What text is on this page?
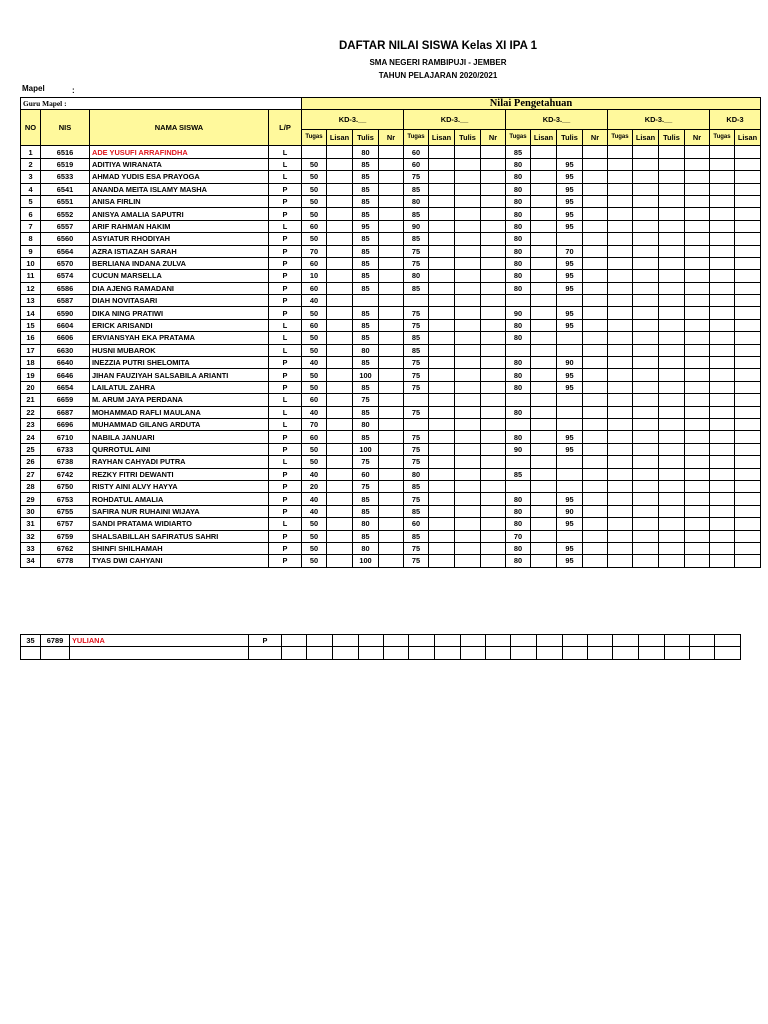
DAFTAR NILAI SISWA Kelas XI IPA 1
SMA NEGERI RAMBIPUJI - JEMBER
TAHUN PELAJARAN 2020/2021
Mapel	:
Guru Mapel :				Nilai Pengetahuan																	
NO	NIS	NAMA SISWA	L/P	KD-3.__				KD-3.__				KD-3.__				KD-3.__				KD-3	
				Tugas	Lisan	Tulis	Nr	Tugas	Lisan	Tulis	Nr	Tugas	Lisan	Tulis	Nr	Tugas	Lisan	Tulis	Nr	Tugas	Lisan
1	6516	ADE YUSUFI ARRAFINDHA	L			80		60				85									
2	6519	ADITIYA WIRANATA	L	50		85		60				80		95							
3	6533	AHMAD YUDIS ESA PRAYOGA	L	50		85		75				80		95							
4	6541	ANANDA MEITA ISLAMY MASHA	P	50		85		85				80		95							
5	6551	ANISA FIRLIN	P	50		85		80				80		95							
6	6552	ANISYA AMALIA SAPUTRI	P	50		85		85				80		95							
7	6557	ARIF RAHMAN HAKIM	L	60		95		90				80		95							
8	6560	ASYIATUR RHODIYAH	P	50		85		85				80									
9	6564	AZRA ISTIAZAH SARAH	P	70		85		75				80		70							
10	6570	BERLIANA INDANA ZULVA	P	60		85		75				80		95							
11	6574	CUCUN MARSELLA	P	10		85		80				80		95							
12	6586	DIA AJENG RAMADANI	P	60		85		85				80		95							
13	6587	DIAH NOVITASARI	P	40																	
14	6590	DIKA NING PRATIWI	P	50		85		75				90		95							
15	6604	ERICK ARISANDI	L	60		85		75				80		95							
16	6606	ERVIANSYAH EKA PRATAMA	L	50		85		85				80									
17	6630	HUSNI MUBAROK	L	50		80		85													
18	6640	INEZZIA PUTRI SHELOMITA	P	40		85		75				80		90							
19	6646	JIHAN FAUZIYAH SALSABILA ARIANTI	P	50		100		75				80		95							
20	6654	LAILATUL ZAHRA	P	50		85		75				80		95							
21	6659	M. ARUM JAYA PERDANA	L	60		75															
22	6687	MOHAMMAD RAFLI MAULANA	L	40		85		75				80									
23	6696	MUHAMMAD GILANG ARDUTA	L	70		80															
24	6710	NABILA JANUARI	P	60		85		75				80		95							
25	6733	QURROTUL AINI	P	50		100		75				90		95							
26	6738	RAYHAN CAHYADI PUTRA	L	50		75		75													
27	6742	REZKY FITRI DEWANTI	P	40		60		80				85									
28	6750	RISTY AINI ALVY HAYYA	P	20		75		85													
29	6753	ROHDATUL AMALIA	P	40		85		75				80		95							
30	6755	SAFIRA NUR RUHAINI WIJAYA	P	40		85		85				80		90							
31	6757	SANDI PRATAMA WIDIARTO	L	50		80		60				80		95							
32	6759	SHALSABILLAH SAFIRATUS SAHRI	P	50		85		85				70									
33	6762	SHINFI SHILHAMAH	P	50		80		75				80		95							
34	6778	TYAS DWI CAHYANI	P	50		100		75				80		95							
35	6789	YULIANA	P																		
